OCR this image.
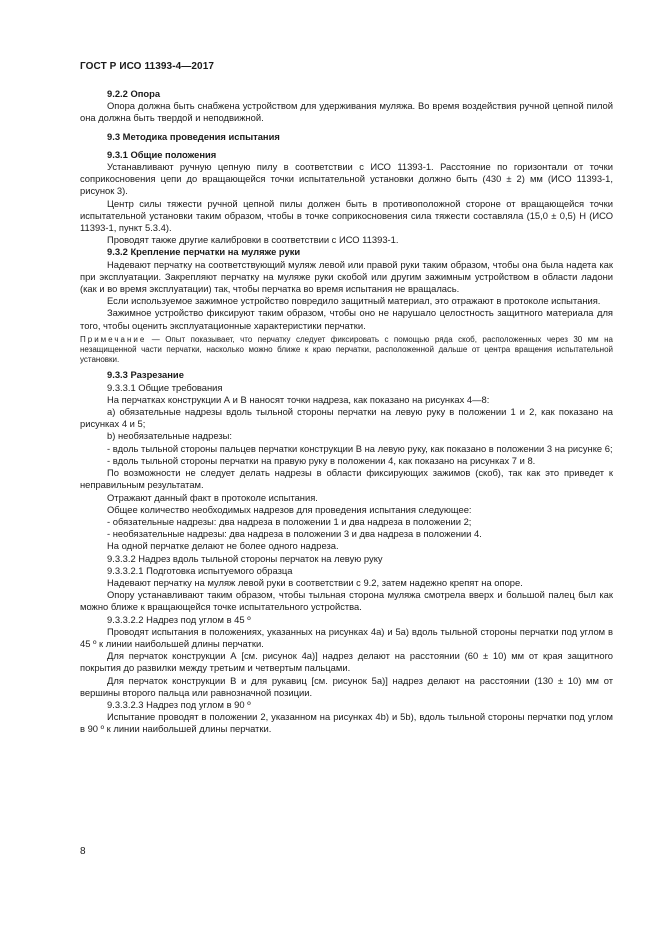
ГОСТ Р ИСО 11393-4—2017

9.2.2 Опора

Опора должна быть снабжена устройством для удерживания муляжа. Во время воздействия ручной цепной пилой она должна быть твердой и неподвижной.

9.3 Методика проведения испытания

9.3.1 Общие положения

Устанавливают ручную цепную пилу в соответствии с ИСО 11393-1. Расстояние по горизонтали от точки соприкосновения цепи до вращающейся точки испытательной установки должно быть (430 ± 2) мм (ИСО 11393-1, рисунок 3).

Центр силы тяжести ручной цепной пилы должен быть в противоположной стороне от вращающейся точки испытательной установки таким образом, чтобы в точке соприкосновения сила тяжести составляла (15,0 ± 0,5) Н (ИСО 11393-1, пункт 5.3.4).

Проводят также другие калибровки в соответствии с ИСО 11393-1.

9.3.2 Крепление перчатки на муляже руки

Надевают перчатку на соответствующий муляж левой или правой руки таким образом, чтобы она была надета как при эксплуатации. Закрепляют перчатку на муляже руки скобой или другим зажимным устройством в области ладони (как и во время эксплуатации) так, чтобы перчатка во время испытания не вращалась.

Если используемое зажимное устройство повредило защитный материал, это отражают в протоколе испытания.

Зажимное устройство фиксируют таким образом, чтобы оно не нарушало целостность защитного материала для того, чтобы оценить эксплуатационные характеристики перчатки.

Примечание — Опыт показывает, что перчатку следует фиксировать с помощью ряда скоб, расположенных через 30 мм на незащищенной части перчатки, насколько можно ближе к краю перчатки, расположенной дальше от центра вращения испытательной установки.

9.3.3 Разрезание

9.3.3.1 Общие требования

На перчатках конструкции А и В наносят точки надреза, как показано на рисунках 4—8:

а) обязательные надрезы вдоль тыльной стороны перчатки на левую руку в положении 1 и 2, как показано на рисунках 4 и 5;

b) необязательные надрезы:

- вдоль тыльной стороны пальцев перчатки конструкции В на левую руку, как показано в положении 3 на рисунке 6;

- вдоль тыльной стороны перчатки на правую руку в положении 4, как показано на рисунках 7 и 8.

По возможности не следует делать надрезы в области фиксирующих зажимов (скоб), так как это приведет к неправильным результатам.

Отражают данный факт в протоколе испытания.

Общее количество необходимых надрезов для проведения испытания следующее:

- обязательные надрезы: два надреза в положении 1 и два надреза в положении 2;

- необязательные надрезы: два надреза в положении 3 и два надреза в положении 4.

На одной перчатке делают не более одного надреза.

9.3.3.2 Надрез вдоль тыльной стороны перчаток на левую руку

9.3.3.2.1 Подготовка испытуемого образца

Надевают перчатку на муляж левой руки в соответствии с 9.2, затем надежно крепят на опоре.

Опору устанавливают таким образом, чтобы тыльная сторона муляжа смотрела вверх и большой палец был как можно ближе к вращающейся точке испытательного устройства.

9.3.3.2.2 Надрез под углом в 45 º

Проводят испытания в положениях, указанных на рисунках 4а) и 5а) вдоль тыльной стороны перчатки под углом в 45 º к линии наибольшей длины перчатки.

Для перчаток конструкции А [см. рисунок 4а)] надрез делают на расстоянии (60 ± 10) мм от края защитного покрытия до развилки между третьим и четвертым пальцами.

Для перчаток конструкции В и для рукавиц [см. рисунок 5а)] надрез делают на расстоянии (130 ± 10) мм от вершины второго пальца или равнозначной позиции.

9.3.3.2.3 Надрез под углом в 90 º

Испытание проводят в положении 2, указанном на рисунках 4b) и 5b), вдоль тыльной стороны перчатки под углом в 90 º к линии наибольшей длины перчатки.

8
